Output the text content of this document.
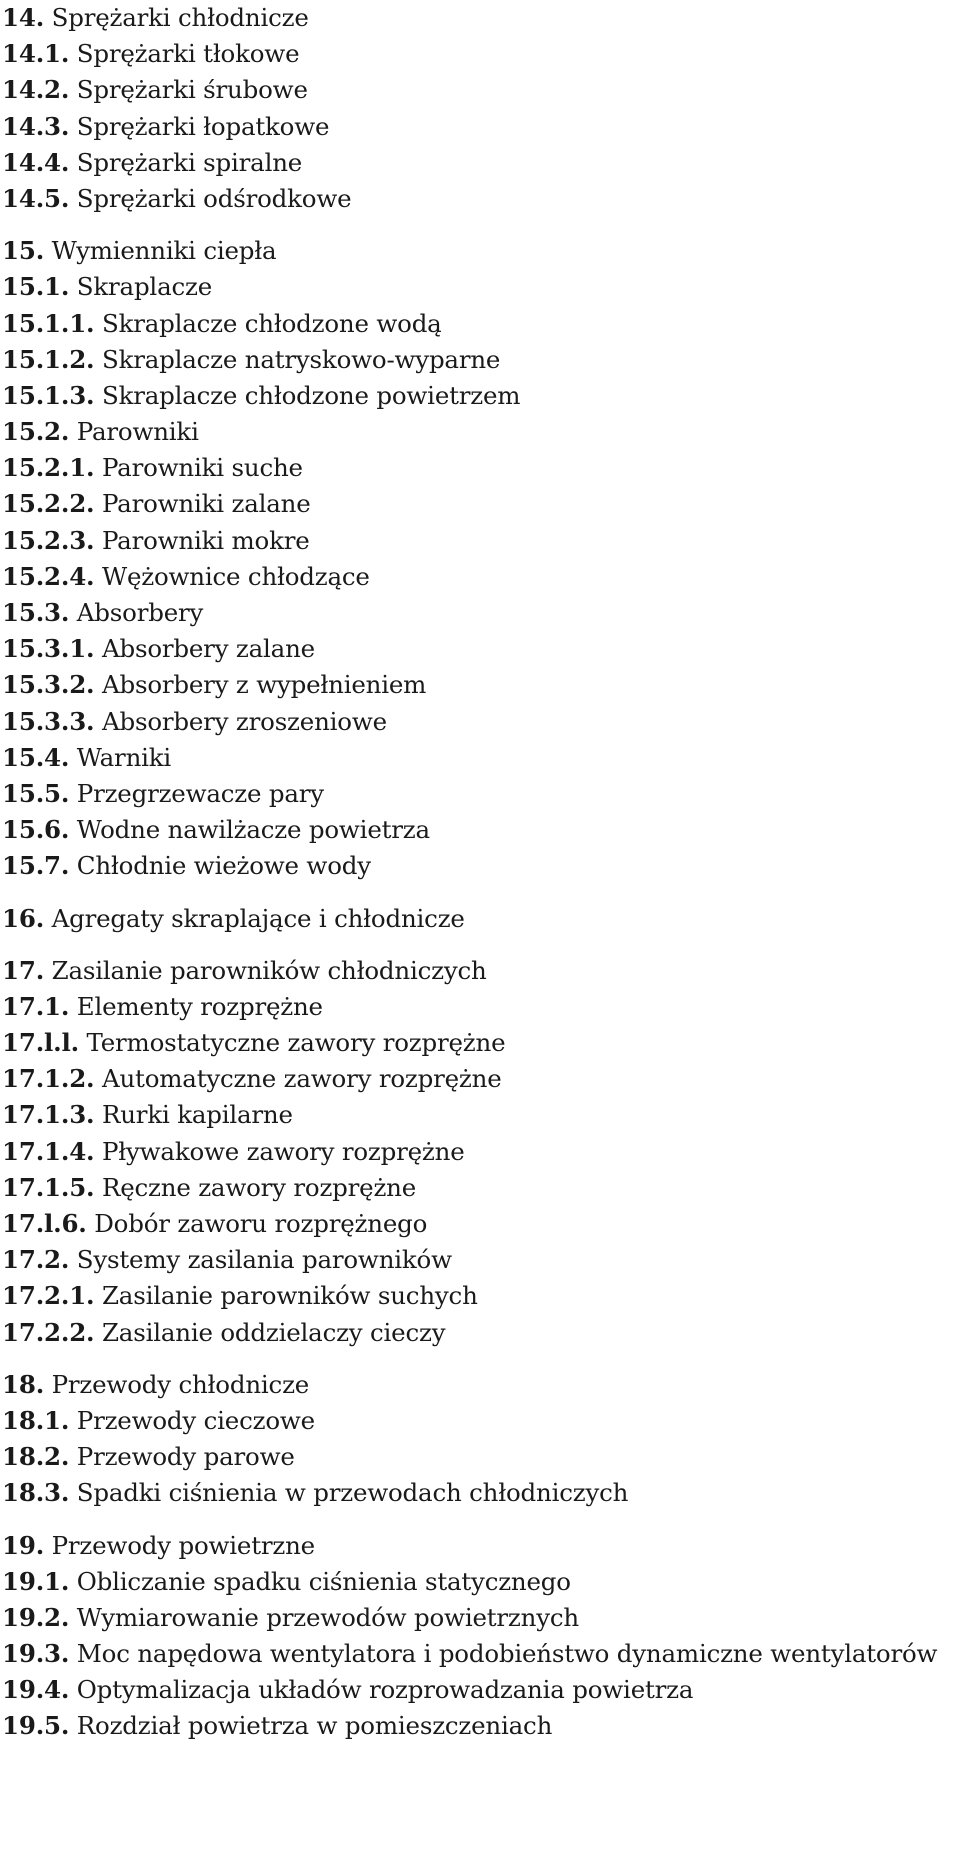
14. Sprężarki chłodnicze
14.1. Sprężarki tłokowe
14.2. Sprężarki śrubowe
14.3. Sprężarki łopatkowe
14.4. Sprężarki spiralne
14.5. Sprężarki odśrodkowe
15. Wymienniki ciepła
15.1. Skraplacze
15.1.1. Skraplacze chłodzone wodą
15.1.2. Skraplacze natryskowo-wyparne
15.1.3. Skraplacze chłodzone powietrzem
15.2. Parowniki
15.2.1. Parowniki suche
15.2.2. Parowniki zalane
15.2.3. Parowniki mokre
15.2.4. Wężownice chłodzące
15.3. Absorbery
15.3.1. Absorbery zalane
15.3.2. Absorbery z wypełnieniem
15.3.3. Absorbery zroszeniowe
15.4. Warniki
15.5. Przegrzewacze pary
15.6. Wodne nawilżacze powietrza
15.7. Chłodnie wieżowe wody
16. Agregaty skraplające i chłodnicze
17. Zasilanie parowników chłodniczych
17.1. Elementy rozprężne
17.l.l. Termostatyczne zawory rozprężne
17.1.2. Automatyczne zawory rozprężne
17.1.3. Rurki kapilarne
17.1.4. Pływakowe zawory rozprężne
17.1.5. Ręczne zawory rozprężne
17.l.6. Dobór zaworu rozprężnego
17.2. Systemy zasilania parowników
17.2.1. Zasilanie parowników suchych
17.2.2. Zasilanie oddzielaczy cieczy
18. Przewody chłodnicze
18.1. Przewody cieczowe
18.2. Przewody parowe
18.3. Spadki ciśnienia w przewodach chłodniczych
19. Przewody powietrzne
19.1. Obliczanie spadku ciśnienia statycznego
19.2. Wymiarowanie przewodów powietrznych
19.3. Moc napędowa wentylatora i podobieństwo dynamiczne wentylatorów
19.4. Optymalizacja układów rozprowadzania powietrza
19.5. Rozdział powietrza w pomieszczeniach
